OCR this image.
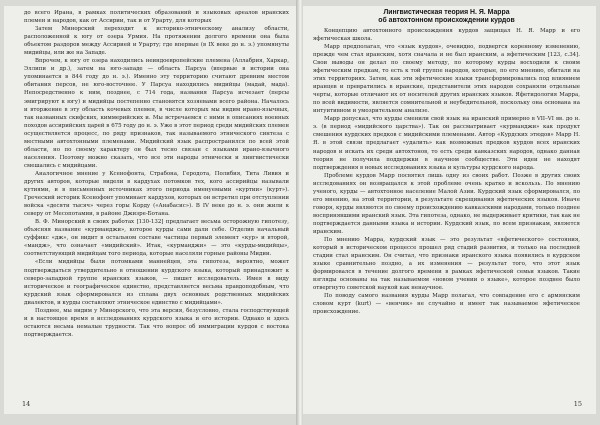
до всего Ирана, в рамках политических образований и языковых ареалов иранских племен и народов, как от Ассирии, так и от Урарту, для которых

Затем Минорский переходит к историко-этническому анализу области, расположенной к югу от озера Урмия. На протяжении долгого времени она была объектом раздоров между Ассирией и Урарту; где впервые (в IX веке до н. э.) упомянуты мидийцы, или же на Западе.

Впрочем, к югу от озера находились неиндоевропейские племена (Аллабрия, Харкар, Эллипи и др.), затем на юго-западе — область Парсуа (впервые в истории она упоминается в 844 году до н. э.). Именно эту территорию считают древним местом обитания персов, не юго-восточнее. У Парсуа находились мидийцы (мадай, мада). Непосредственно к ним, позднее, с 714 года, названия Парсуа исчезает (персы эмигрируют к югу) и мидийцы постепенно становятся хозяевами всего района. Началось и вторжение в эту область кочевых племен, в числе которых мы видим ирано-язычных, так названных скифских, киммерийских и. Мы встречаемся с ними в описаниях военных походов ассирийских царей в 675 году до н. э. Уже в этот период среди мидийских племен осуществляется процесс, по ряду признаков, так называемого этнического синтеза с местными автохтонными племенами. Мидийский язык распространился по всей этой области, но по своему характеру он был тесно связан с языками ирано-язычного населения. Поэтому можно сказать, что все эти народы этнически и лингвистически смешались с мидийцами.

Аналогичное мнение у Ксенофонта, Страбона, Геродота, Полибия, Тита Ливия и других авторов, которые видели в кардухах потомков тех, кого ассирийцы называли кутиями, и в письменных источниках этого периода именуемыми «куртии» (курт»). Греческий историк Ксенофонт упоминает кардухов, которых он встретил при отступлении войска «десяти тысяч» через горы Корду («Анабасис»). В IV веке до н. э. они жили к северу от Месопотамии, в районе Джизре-Ботана.

В. Ф. Минорский в своих работах [130-132] предлагает весьма осторожную гипотезу, объясняя название «курманджи», которое курды сами дали себе. Отделив начальный суффикс «дж», он видит в остальном составе частицы первый элемент «кур» и второй, «мандж», что означает «мидийский». Итак, «курманджи» — это «курды-мидийцы», соответствующий мидийцам того периода, которые населяли горные районы Мидии.

«Если мидийцы были потомками маннейцев, эта гипотеза, вероятно, может подтверждаться утвердительно в отношении курдского языка, который принадлежит к северо-западной группе иранских языков, — пишет исследователь. Имея в виду историческое и географическое единство, представляется весьма правдоподобным, что курдский язык сформировался из сплава двух основных родственных мидийских диалектов, и курды составляют этническое единство с мидийцами».

Позднее, мы видим у Минорского, что эта версия, безусловно, стала господствующей и в настоящее время в исследованиях курдского языка и его истории. Однако и здесь остаются весьма немалые трудности. Так что вопрос об иммиграции курдов с востока подтверждается.

14
Лингвистическая теория Н. Я. Марра
об автохтонном происхождении курдов

Концепцию автохтонного происхождения курдов защищал Н. Я. Марр и его яфетическая школа.

Марр предполагал, что «язык курдов», очевидно, подвергся коренному изменению, прежде чем стал иранским, хотя сначала и не был иранским, а яфетическим [123, с.34]. Свои выводы он делал по своему методу, по которому курды восходили к своим яфетическим предкам, то есть к той группе народов, которые, по его мнению, обитали на этих территориях. Затем, как эти яфетические языки трансформировались под влиянием иранцев и превратились в иранские, представители этих народов сохраняли отдельные черты, которые отличают их от носителей других иранских языков. Яфетидология Марра, по всей видимости, является сомнительной и неубедительной, поскольку она основана на интуитивном и умозрительном анализе.

Марр допускал, что курды сменили свой язык на иранский примерно в VII–VI вв. до н. э. (в период «мидийского царства»). Так он рассматривает «курманджи» как продукт смешения курдских предков с мидийскими племенами. Автор «Курдских этюдов» Марр Н. Я. в этой связи предлагает «удалить» как возможных предков курдов всех иранских народов и искать их среди автохтонов, то есть среди кавказских народов, однако данная теория не получила поддержки в научном сообществе. Эти идеи не находят подтверждения в новых исследованиях языка и культуры курдского народа.

Проблеме курдов Марр посвятил лишь одну из своих работ. Позже в других своих исследованиях он возвращался к этой проблеме очень кратко и вскользь. По мнению ученого, курды — автохтонное население Малой Азии. Курдский язык сформировался, по его мнению, на этой территории, в результате скрещивания яфетических языков. Иначе говоря, курды являются по своему происхождению кавказскими народами, только позднее воспринявшими иранский язык. Эта гипотеза, однако, не выдерживает критики, так как не подтверждается данными языка и истории. Курдский язык, по всем признакам, является иранским.

По мнению Марра, курдский язык — это результат «яфетического» состояния, который в историческом процессе прошел ряд стадий развития, и только на последней стадии стал иранским. Он считал, что признаки иранского языка появились в курдском языке сравнительно поздно, а их изменения — результат того, что этот язык формировался в течение долгого времени в рамках яфетической семьи языков. Такие взгляды основаны на так называемом «новом учении о языке», которое позднее было отвергнуто советской наукой как ненаучное.

По поводу самого названия курды Марр полагал, что совпадение его с армянским словом курт (kurt) — «венчик» не случайно и имеет так называемое яфетическое происхождение.

15
